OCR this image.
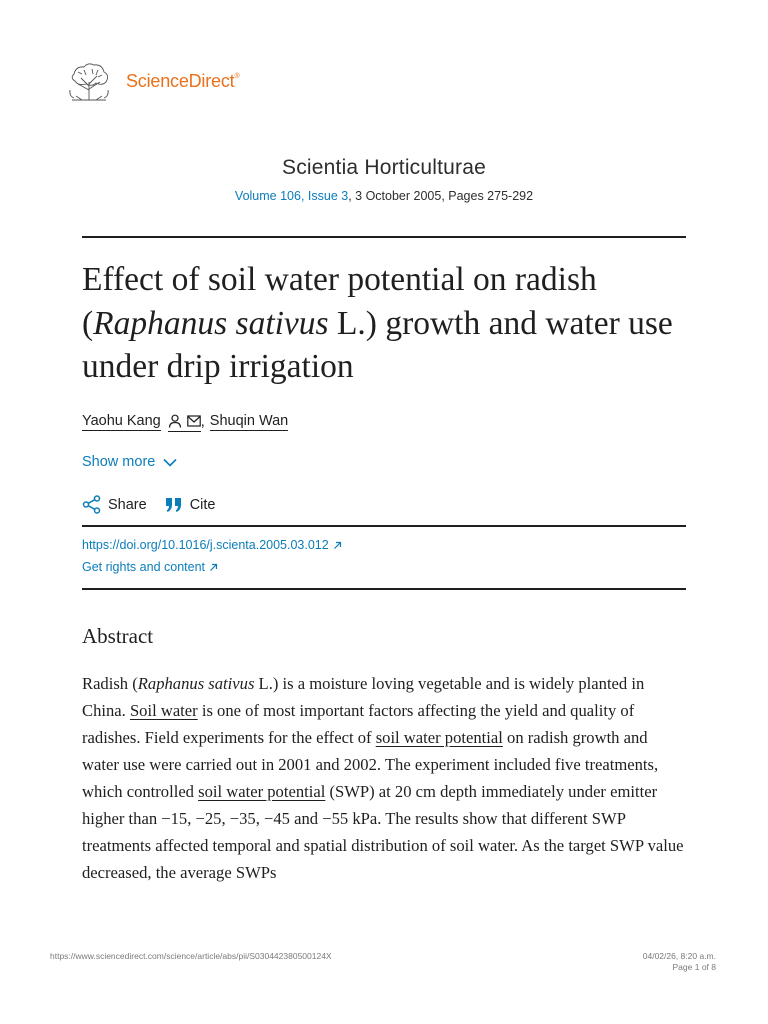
ScienceDirect®
Scientia Horticulturae
Volume 106, Issue 3, 3 October 2005, Pages 275-292
Effect of soil water potential on radish (Raphanus sativus L.) growth and water use under drip irrigation
Yaohu Kang	, Shuqin Wan
Show more
Share	Cite
https://doi.org/10.1016/j.scienta.2005.03.012
Get rights and content
Abstract

Radish (Raphanus sativus L.) is a moisture loving vegetable and is widely planted in China. Soil water is one of most important factors affecting the yield and quality of radishes. Field experiments for the effect of soil water potential on radish growth and water use were carried out in 2001 and 2002. The experiment included five treatments, which controlled soil water potential (SWP) at 20 cm depth immediately under emitter higher than −15, −25, −35, −45 and −55 kPa. The results show that different SWP treatments affected temporal and spatial distribution of soil water. As the target SWP value decreased, the average SWPs

https://www.sciencedirect.com/science/article/abs/pii/S030442380500124X	04/02/26, 8:20 a.m.
Page 1 of 8
